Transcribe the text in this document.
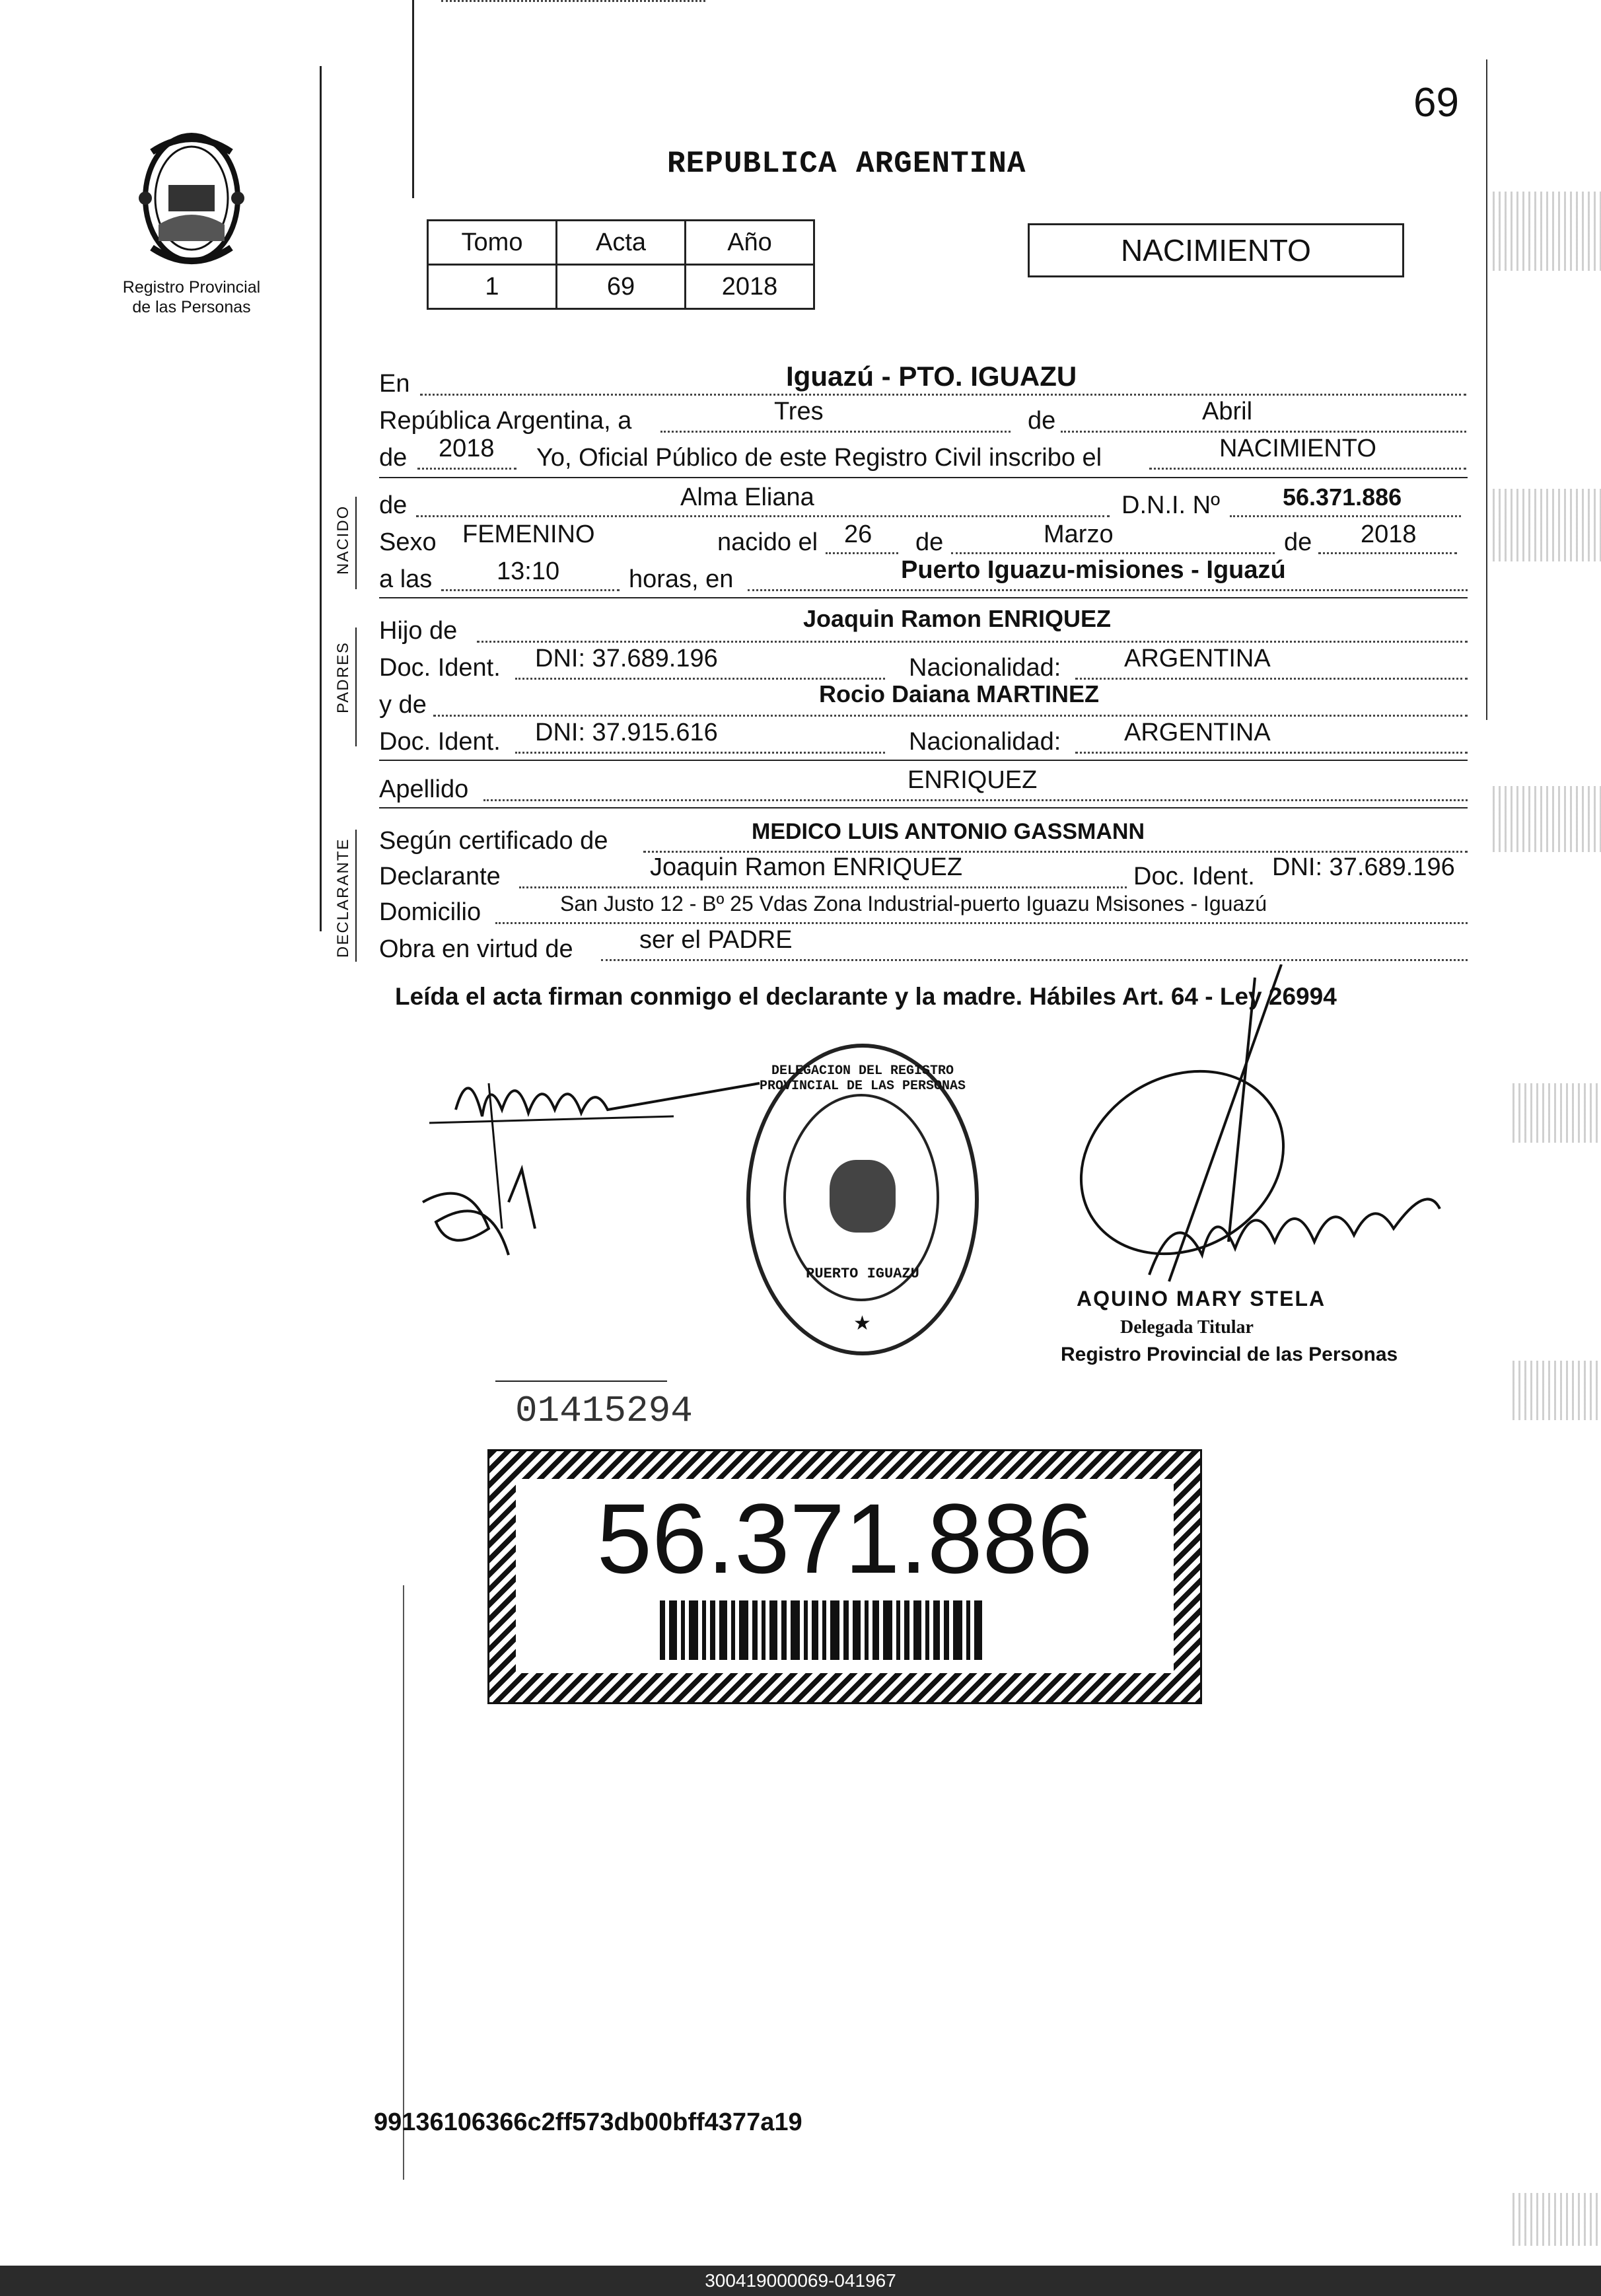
69
Registro Provincial
de las Personas
REPUBLICA ARGENTINA
Tomo	Acta	Año
1	69	2018
NACIMIENTO
NACIDO
PADRES
DECLARANTE
En	Iguazú - PTO. IGUAZU
República Argentina, a	Tres	de	Abril
de 2018 Yo, Oficial Público de este Registro Civil inscribo el	NACIMIENTO
de	Alma Eliana	D.N.I. Nº	56.371.886
Sexo FEMENINO	nacido el 26 de	Marzo	de 2018
a las	13:10	horas, en	Puerto Iguazu-misiones - Iguazú
Hijo de	Joaquin Ramon ENRIQUEZ
Doc. Ident. DNI: 37.689.196	Nacionalidad:	ARGENTINA
y de	Rocio Daiana MARTINEZ
Doc. Ident. DNI: 37.915.616	Nacionalidad:	ARGENTINA
Apellido	ENRIQUEZ
Según certificado de	MEDICO LUIS ANTONIO GASSMANN
Declarante	Joaquin Ramon ENRIQUEZ	Doc. Ident. DNI: 37.689.196
Domicilio	San Justo 12 - Bº 25 Vdas Zona Industrial-puerto Iguazu Msisones - Iguazú
Obra en virtud de	ser el PADRE
Leída el acta firman conmigo el declarante y la madre. Hábiles Art. 64 - Ley 26994
DELEGACION DEL REGISTRO PROVINCIAL DE LAS PERSONAS
PUERTO IGUAZU
★
AQUINO MARY STELA
Delegada Titular
Registro Provincial de las Personas
01415294
56.371.886
99136106366c2ff573db00bff4377a19
300419000069-041967
